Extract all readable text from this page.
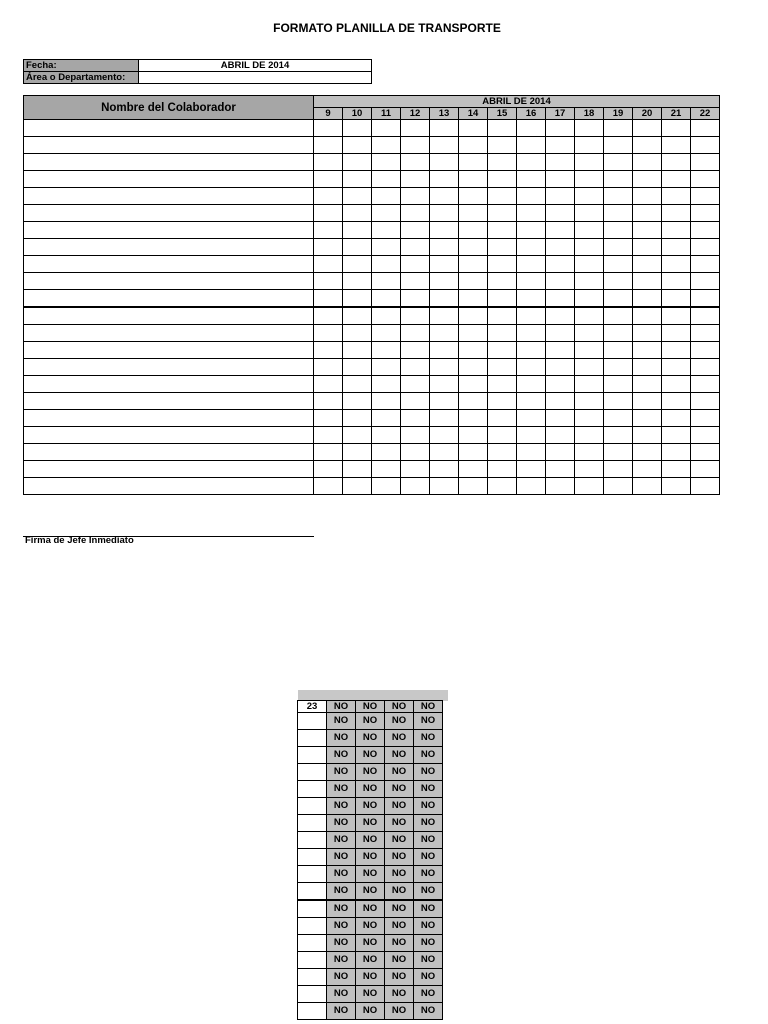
FORMATO PLANILLA DE TRANSPORTE
Fecha:	ABRIL DE 2014
Área o Departamento:	
Nombre del Colaborador	ABRIL DE 2014													
	9	10	11	12	13	14	15	16	17	18	19	20	21	22

Firma de Jefe Inmediato
23	NO	NO	NO	NO
	NO	NO	NO	NO
	NO	NO	NO	NO
	NO	NO	NO	NO
	NO	NO	NO	NO
	NO	NO	NO	NO
	NO	NO	NO	NO
	NO	NO	NO	NO
	NO	NO	NO	NO
	NO	NO	NO	NO
	NO	NO	NO	NO
	NO	NO	NO	NO
	NO	NO	NO	NO
	NO	NO	NO	NO
	NO	NO	NO	NO
	NO	NO	NO	NO
	NO	NO	NO	NO
	NO	NO	NO	NO
	NO	NO	NO	NO
